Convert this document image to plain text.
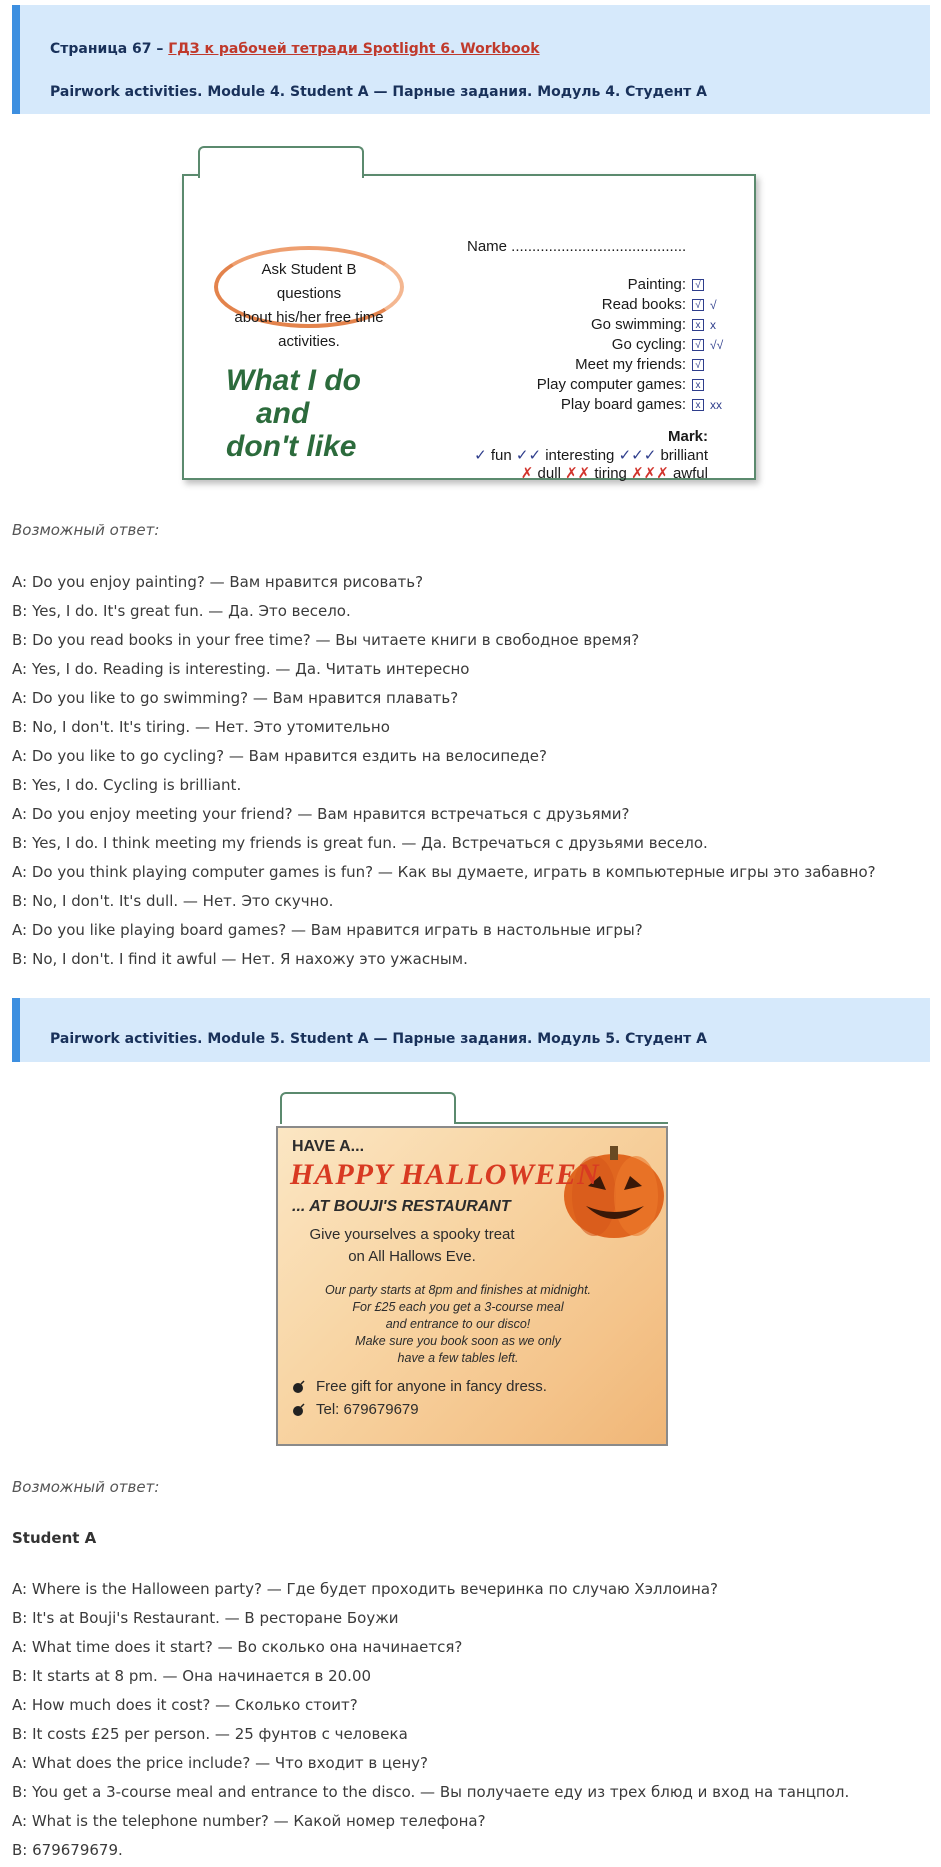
Страница 67 – ГДЗ к рабочей тетради Spotlight 6. Workbook
Pairwork activities. Module 4. Student A — Парные задания. Модуль 4. Студент A
Ask Student B questions
about his/her free time
activities.
What I do
and
don't like
Name ..........................................
Painting: √
Read books: √ √
Go swimming: x x
Go cycling: √ √√
Meet my friends: √
Play computer games: x
Play board games: x xx
Mark:
✓ fun ✓✓ interesting ✓✓✓ brilliant
✗ dull ✗✗ tiring ✗✗✗ awful
Возможный ответ:
A: Do you enjoy painting? — Вам нравится рисовать?
B: Yes, I do. It's great fun. — Да. Это весело.
B: Do you read books in your free time? — Вы читаете книги в свободное время?
A: Yes, I do. Reading is interesting. — Да. Читать интересно
A: Do you like to go swimming? — Вам нравится плавать?
B: No, I don't. It's tiring. — Нет. Это утомительно
A: Do you like to go cycling? — Вам нравится ездить на велосипеде?
B: Yes, I do. Cycling is brilliant.
A: Do you enjoy meeting your friend? — Вам нравится встречаться с друзьями?
B: Yes, I do. I think meeting my friends is great fun. — Да. Встречаться с друзьями весело.
A: Do you think playing computer games is fun? — Как вы думаете, играть в компьютерные игры это забавно?
B: No, I don't. It's dull. — Нет. Это скучно.
A: Do you like playing board games? — Вам нравится играть в настольные игры?
B: No, I don't. I find it awful — Нет. Я нахожу это ужасным.
Pairwork activities. Module 5. Student A — Парные задания. Модуль 5. Студент A
HAVE A...
HAPPY HALLOWEEN
... AT BOUJI'S RESTAURANT
Give yourselves a spooky treat
on All Hallows Eve.
Our party starts at 8pm and finishes at midnight.
For £25 each you get a 3-course meal
and entrance to our disco!
Make sure you book soon as we only
have a few tables left.
Free gift for anyone in fancy dress.
Tel: 679679679
Возможный ответ:
Student A
A: Where is the Halloween party? — Где будет проходить вечеринка по случаю Хэллоина?
B: It's at Bouji's Restaurant. — В ресторане Боужи
A: What time does it start? — Во сколько она начинается?
B: It starts at 8 pm. — Она начинается в 20.00
A: How much does it cost? — Сколько стоит?
B: It costs £25 per person. — 25 фунтов с человека
A: What does the price include? — Что входит в цену?
B: You get a 3-course meal and entrance to the disco. — Вы получаете еду из трех блюд и вход на танцпол.
A: What is the telephone number? — Какой номер телефона?
B: 679679679.
